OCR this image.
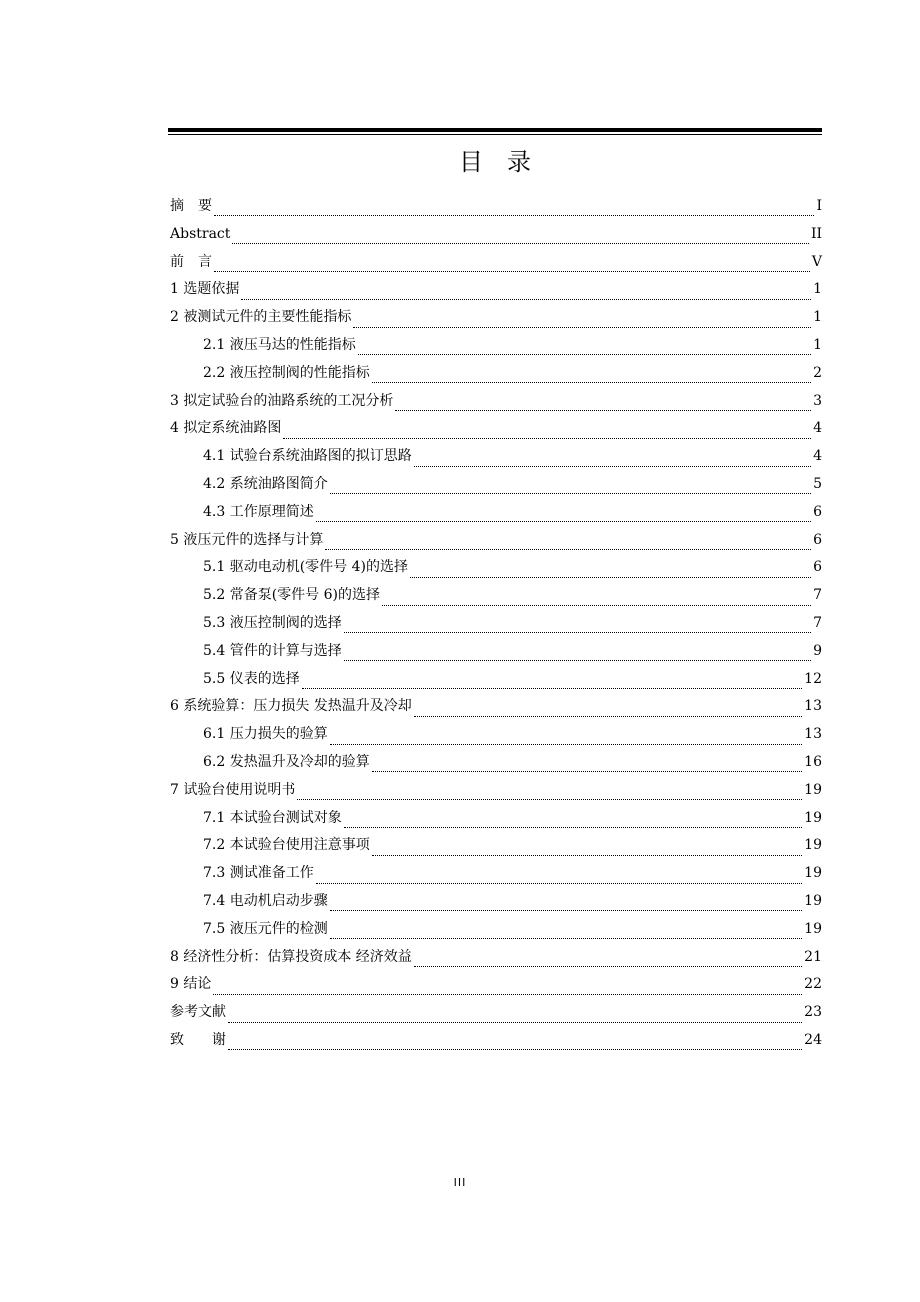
目　录
摘　要	I
Abstract	II
前　言	V
1 选题依据	1
2 被测试元件的主要性能指标	1
2.1 液压马达的性能指标	1
2.2 液压控制阀的性能指标	2
3 拟定试验台的油路系统的工况分析	3
4 拟定系统油路图	4
4.1 试验台系统油路图的拟订思路	4
4.2 系统油路图简介	5
4.3 工作原理简述	6
5 液压元件的选择与计算	6
5.1 驱动电动机(零件号 4)的选择	6
5.2 常备泵(零件号 6)的选择	7
5.3 液压控制阀的选择	7
5.4 管件的计算与选择	9
5.5 仪表的选择	12
6 系统验算：压力损失 发热温升及冷却	13
6.1 压力损失的验算	13
6.2 发热温升及冷却的验算	16
7 试验台使用说明书	19
7.1 本试验台测试对象	19
7.2 本试验台使用注意事项	19
7.3 测试准备工作	19
7.4 电动机启动步骤	19
7.5 液压元件的检测	19
8 经济性分析：估算投资成本 经济效益	21
9 结论	22
参考文献	23
致　　谢	24
III
